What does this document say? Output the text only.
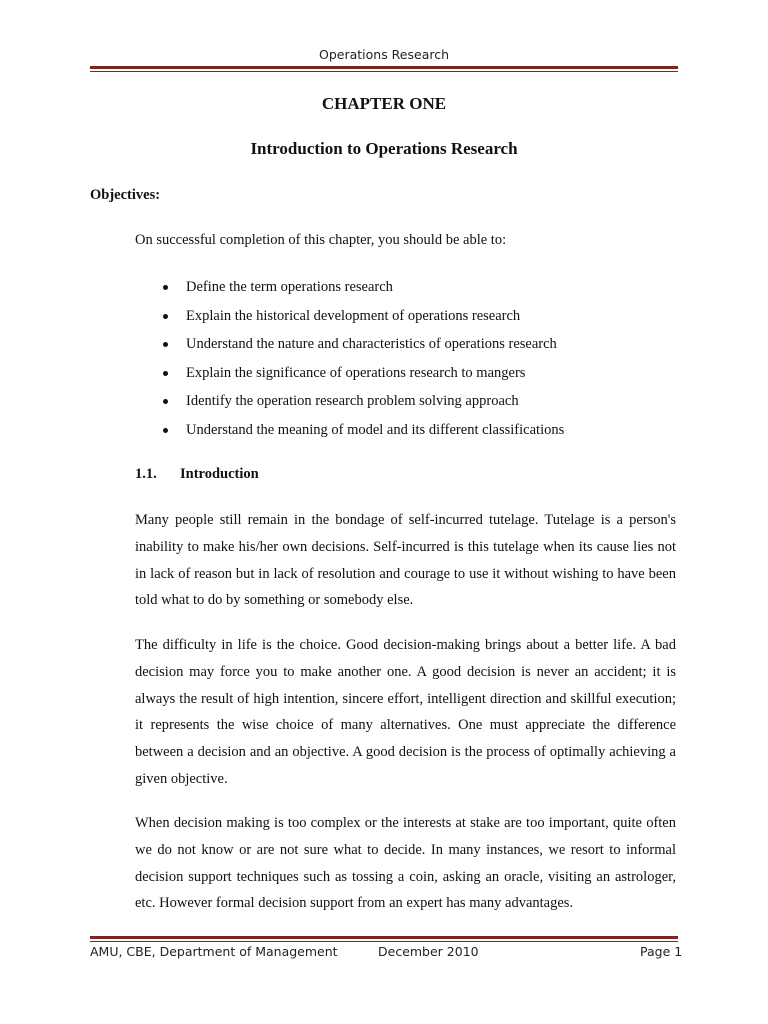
Operations Research
CHAPTER ONE
Introduction to Operations Research
Objectives:
On successful completion of this chapter, you should be able to:
Define the term operations research
Explain the historical development of operations research
Understand the nature and characteristics of operations research
Explain the significance of operations research to mangers
Identify the operation research problem solving approach
Understand the meaning of model and its different classifications
1.1. Introduction

Many people still remain in the bondage of self-incurred tutelage. Tutelage is a person's inability to make his/her own decisions. Self-incurred is this tutelage when its cause lies not in lack of reason but in lack of resolution and courage to use it without wishing to have been told what to do by something or somebody else.

The difficulty in life is the choice. Good decision-making brings about a better life. A bad decision may force you to make another one. A good decision is never an accident; it is always the result of high intention, sincere effort, intelligent direction and skillful execution; it represents the wise choice of many alternatives. One must appreciate the difference between a decision and an objective. A good decision is the process of optimally achieving a given objective.

When decision making is too complex or the interests at stake are too important, quite often we do not know or are not sure what to decide. In many instances, we resort to informal decision support techniques such as tossing a coin, asking an oracle, visiting an astrologer, etc. However formal decision support from an expert has many advantages.

AMU, CBE, Department of Management	December 2010	Page 1
